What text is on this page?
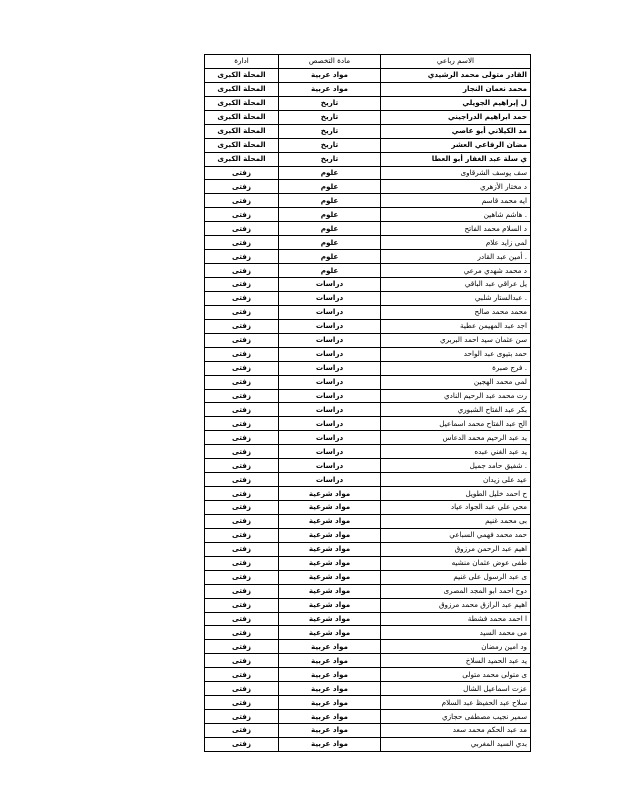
الاسم رباعي	مادة التخصص	ادارة
القادر متولى محمد الرشيدي	مواد عربية	المحلة الكبرى
محمد نعمان النجار	مواد عربية	المحلة الكبرى
ل إبراهيم الجويلي	تاريخ	المحلة الكبرى
حمد ابراهيم الدراجيني	تاريخ	المحلة الكبرى
مد الكيلاني أبو عاصي	تاريخ	المحلة الكبرى
مضان الرفاعي العشر	تاريخ	المحلة الكبرى
ي سلة عبد الغفار أبو العطا	تاريخ	المحلة الكبرى
سف يوسف الشرقاوى	علوم	زفتى
د مختار الأزهري	علوم	زفتى
ايه محمد قاسم	علوم	زفتى
. هاشم شاهين	علوم	زفتى
د السلام محمد الفاتح	علوم	زفتى
لمى زايد علام	علوم	زفتى
. أمين عبد القادر	علوم	زفتى
د محمد شهدي مرعي	علوم	زفتى
يل عراقي عبد الباقي	دراسات	زفتى
. عبدالستار شلبي	دراسات	زفتى
محمد محمد صالح	دراسات	زفتى
اجد عبد المهيمن عطية	دراسات	زفتى
سن عثمان سيد احمد البربري	دراسات	زفتى
حمد بتيوى عبد الواحد	دراسات	زفتى
. فرج صبرة	دراسات	زفتى
لمى محمد الهجين	دراسات	زفتى
رت محمد عبد الرحيم النادي	دراسات	زفتى
بكر عبد الفتاح الشبوري	دراسات	زفتى
الح عبد الفتاح محمد اسماعيل	دراسات	زفتى
يد عبد الرحيم محمد الدعاس	دراسات	زفتى
يد عبد الغني عبده	دراسات	زفتى
. شفيق حامد جميل	دراسات	زفتى
عيد على زيدان	دراسات	زفتى
ح احمد خليل الطويل	مواد شرعية	زفتى
محي علي عبد الجواد عياد	مواد شرعية	زفتى
بى محمد غنيم	مواد شرعية	زفتى
حمد محمد فهمي السباعي	مواد شرعية	زفتى
اهيم عبد الرحمن مرزوق	مواد شرعية	زفتى
طفى عوض عثمان منشيه	مواد شرعية	زفتى
ى عبد الرسول على غنيم	مواد شرعية	زفتى
دوح احمد ابو المجد المصرى	مواد شرعية	زفتى
اهيم عبد الرازق محمد مرزوق	مواد شرعية	زفتى
ا احمد محمد فشطة	مواد شرعية	زفتى
مى محمد السيد	مواد شرعية	زفتى
ود امين رمضان	مواد عربية	زفتى
يد عبد الحميد السلاخ	مواد عربية	زفتى
ى متولى محمد متولى	مواد عربية	زفتى
عزت اسماعيل الشال	مواد عربية	زفتى
سلاح عبد الحفيظ عبد السلام	مواد عربية	زفتى
سمير نجيب مصطفى حجازي	مواد عربية	زفتى
مد عبد الحكم محمد سعد	مواد عربية	زفتى
بدي السيد المغربي	مواد عربية	زفتى
